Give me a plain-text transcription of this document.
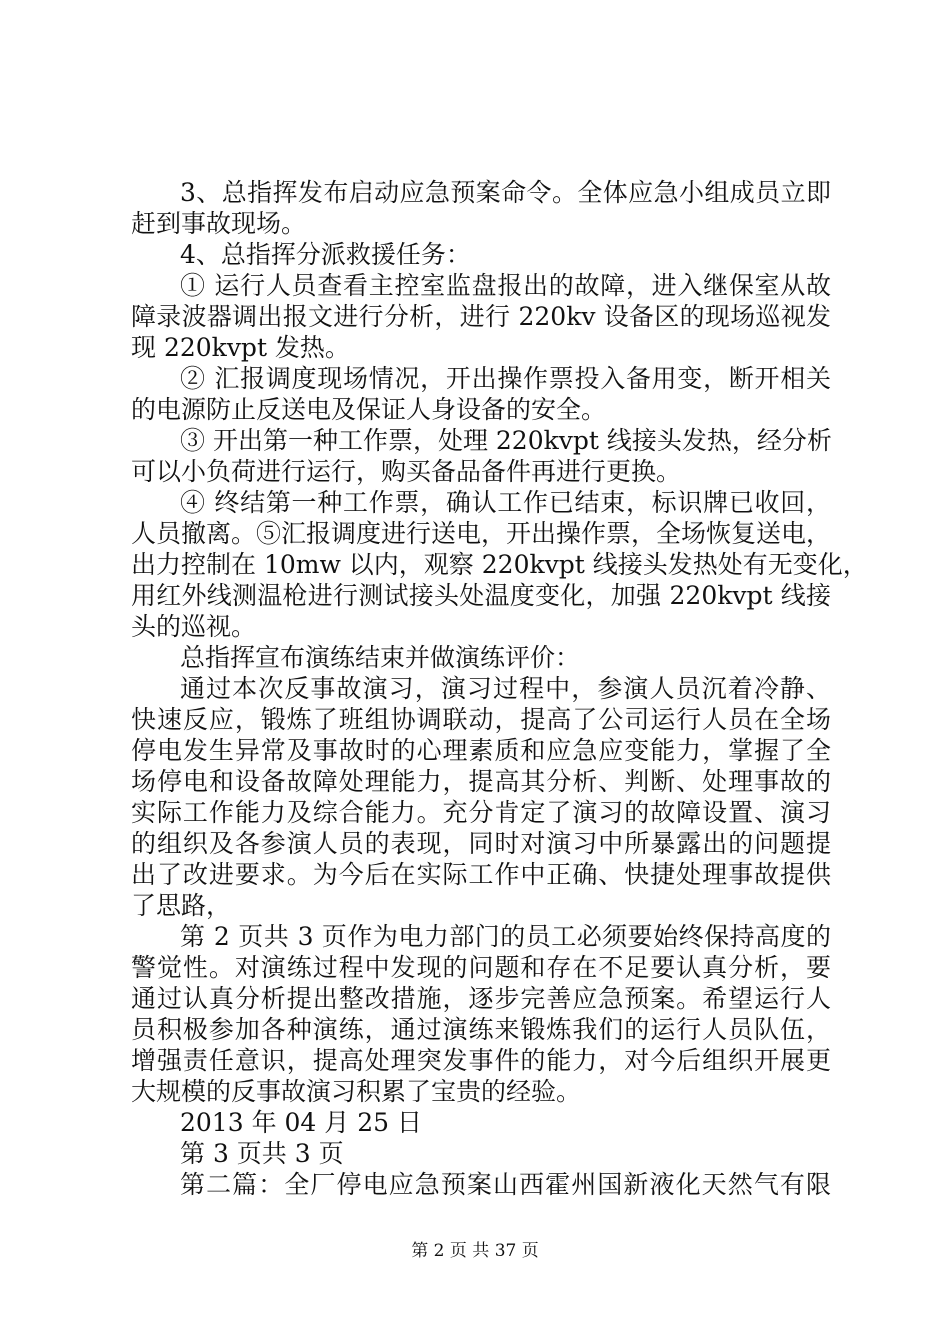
3、总指挥发布启动应急预案命令。全体应急小组成员立即
赶到事故现场。
4、总指挥分派救援任务：
① 运行人员查看主控室监盘报出的故障，进入继保室从故
障录波器调出报文进行分析，进行 220kv 设备区的现场巡视发
现 220kvpt 发热。
② 汇报调度现场情况，开出操作票投入备用变，断开相关
的电源防止反送电及保证人身设备的安全。
③ 开出第一种工作票，处理 220kvpt 线接头发热，经分析
可以小负荷进行运行，购买备品备件再进行更换。
④ 终结第一种工作票，确认工作已结束，标识牌已收回，
人员撤离。⑤汇报调度进行送电，开出操作票，全场恢复送电，
出力控制在 10mw 以内，观察 220kvpt 线接头发热处有无变化，
用红外线测温枪进行测试接头处温度变化，加强 220kvpt 线接
头的巡视。
总指挥宣布演练结束并做演练评价：
通过本次反事故演习，演习过程中，参演人员沉着冷静、
快速反应，锻炼了班组协调联动，提高了公司运行人员在全场
停电发生异常及事故时的心理素质和应急应变能力，掌握了全
场停电和设备故障处理能力，提高其分析、判断、处理事故的
实际工作能力及综合能力。充分肯定了演习的故障设置、演习
的组织及各参演人员的表现，同时对演习中所暴露出的问题提
出了改进要求。为今后在实际工作中正确、快捷处理事故提供
了思路，
第 2 页共 3 页作为电力部门的员工必须要始终保持高度的
警觉性。对演练过程中发现的问题和存在不足要认真分析，要
通过认真分析提出整改措施，逐步完善应急预案。希望运行人
员积极参加各种演练，通过演练来锻炼我们的运行人员队伍，
增强责任意识，提高处理突发事件的能力，对今后组织开展更
大规模的反事故演习积累了宝贵的经验。
2013 年 04 月 25 日
第 3 页共 3 页
第二篇：全厂停电应急预案山西霍州国新液化天然气有限
第 2 页 共 37 页
